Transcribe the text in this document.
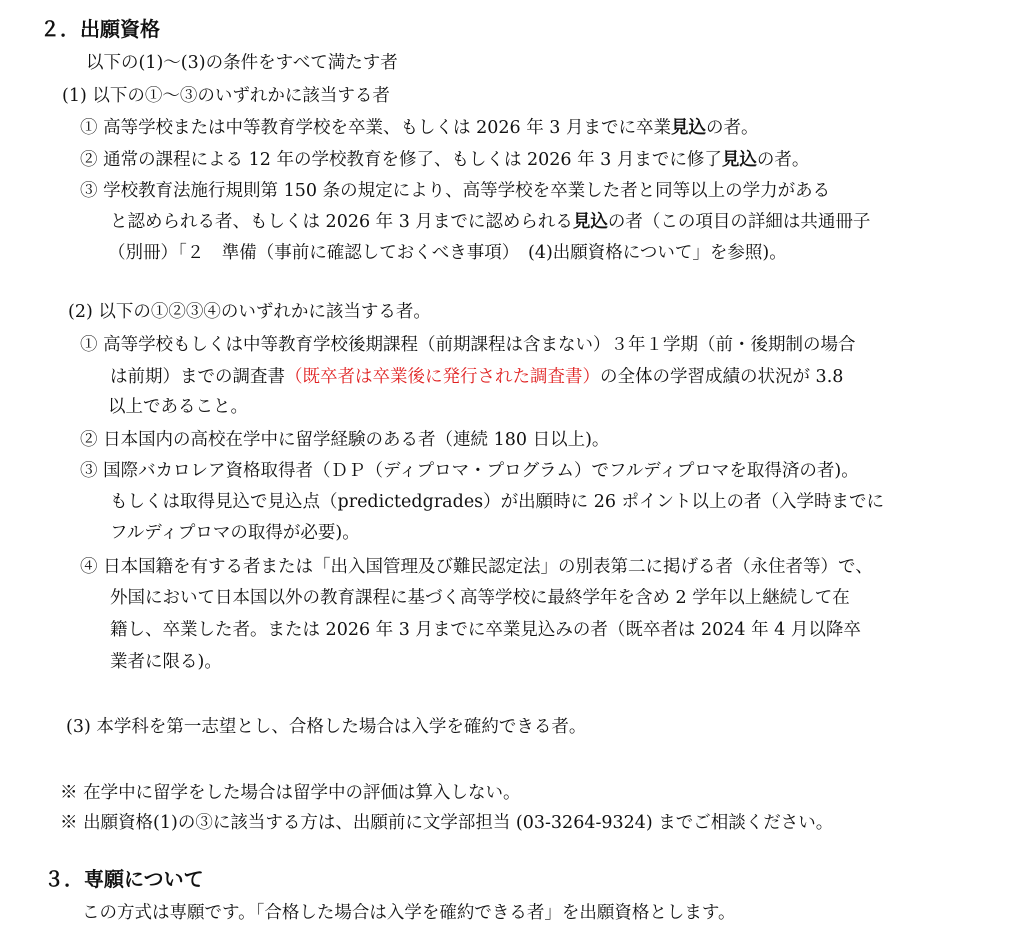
２．出願資格
以下の(1)～(3)の条件をすべて満たす者
(1) 以下の①～③のいずれかに該当する者
① 高等学校または中等教育学校を卒業、もしくは 2026 年 3 月までに卒業見込の者。
② 通常の課程による 12 年の学校教育を修了、もしくは 2026 年 3 月までに修了見込の者。
③ 学校教育法施行規則第 150 条の規定により、高等学校を卒業した者と同等以上の学力がある
と認められる者、もしくは 2026 年 3 月までに認められる見込の者（この項目の詳細は共通冊子
（別冊）「２　準備（事前に確認しておくべき事項）　(4)出願資格について」を参照)。
(2) 以下の①②③④のいずれかに該当する者。
① 高等学校もしくは中等教育学校後期課程（前期課程は含まない）３年１学期（前・後期制の場合
は前期）までの調査書（既卒者は卒業後に発行された調査書）の全体の学習成績の状況が 3.8
以上であること。
② 日本国内の高校在学中に留学経験のある者（連続 180 日以上)。
③ 国際バカロレア資格取得者（ＤＰ（ディプロマ・プログラム）でフルディプロマを取得済の者)。
もしくは取得見込で見込点（predictedgrades）が出願時に 26 ポイント以上の者（入学時までに
フルディプロマの取得が必要)。
④ 日本国籍を有する者または「出入国管理及び難民認定法」の別表第二に掲げる者（永住者等）で、
外国において日本国以外の教育課程に基づく高等学校に最終学年を含め 2 学年以上継続して在
籍し、卒業した者。または 2026 年 3 月までに卒業見込みの者（既卒者は 2024 年 4 月以降卒
業者に限る)。
(3) 本学科を第一志望とし、合格した場合は入学を確約できる者。
※ 在学中に留学をした場合は留学中の評価は算入しない。
※ 出願資格(1)の③に該当する方は、出願前に文学部担当 (03-3264-9324) までご相談ください。
３．専願について
この方式は専願です。「合格した場合は入学を確約できる者」を出願資格とします。
